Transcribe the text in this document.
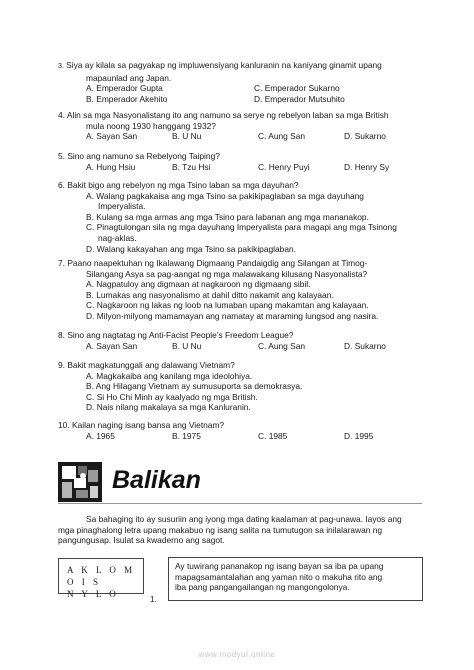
3. Siya ay kilala sa pagyakap ng impluwensiyang kanluranin na kaniyang ginamit upang
mapaunlad ang Japan.
A. Emperador Gupta	C. Emperador Sukarno
B. Emperador Akehito	D. Emperador Mutsuhito
4. Alin sa mga Nasyonalistang ito ang namuno sa serye ng rebelyon laban sa mga British
mula noong 1930 hanggang 1932?
A. Sayan San	B. U Nu	C. Aung San	D. Sukarno
5. Sino ang namuno sa Rebelyong Taiping?
A. Hung Hsiu	B. Tzu Hsi	C. Henry Puyi	D. Henry Sy
6. Bakit bigo ang rebelyon ng mga Tsino laban sa mga dayuhan?
A. Walang pagkakaisa ang mga Tsino sa pakikipaglaban sa mga dayuhang
Imperyalista.
B. Kulang sa mga armas ang mga Tsino para labanan ang mga mananakop.
C. Pinagtulongan sila ng mga dayuhang Imperyalista para magapi ang mga Tsinong
nag-aklas.
D. Walang kakayahan ang mga Tsino sa pakikipaglaban.
7. Paano naapektuhan ng Ikalawang Digmaang Pandaigdig ang Silangan at Timog-
Silangang Asya sa pag-aangat ng mga malawakang kilusang Nasyonalista?
A. Nagpatuloy ang digmaan at nagkaroon ng digmaang sibil.
B. Lumakas ang nasyonalismo at dahil ditto nakamit ang kalayaan.
C. Nagkaroon ng lakas ng loob na lumaban upang makamtan ang kalayaan.
D. Milyon-milyong mamamayan ang namatay at maraming lungsod ang nasira.
8. Sino ang nagtatag ng Anti-Facist People’s Freedom League?
A. Sayan San	B. U Nu	C. Aung San	D. Sukarno
9. Bakit magkatunggali ang dalawang Vietnam?
A. Magkakaiba ang kanilang mga ideolohiya.
B. Ang Hilagang Vietnam ay sumusuporta sa demokrasya.
C. Si Ho Chi Minh ay kaalyado ng mga British.
D. Nais nilang makalaya sa mga Kanluranin.
10. Kailan naging isang bansa ang Vietnam?
A. 1965	B. 1975	C. 1985	D. 1995
Balikan
Sa bahaging ito ay susuriin ang iyong mga dating kaalaman at pag-unawa. Iayos ang
mga pinaghalong letra upang makabuo ng isang salita na tumutugon sa inilalarawan ng
pangungusap. Isulat sa kwaderno ang sagot.
A K L O M O I S
N Y L O
1.
Ay tuwirang pananakop ng isang bayan sa iba pa upang
mapagsamantalahan ang yaman nito o makuha rito ang
iba pang pangangailangan ng mangongolonya.
www.modyul.online
